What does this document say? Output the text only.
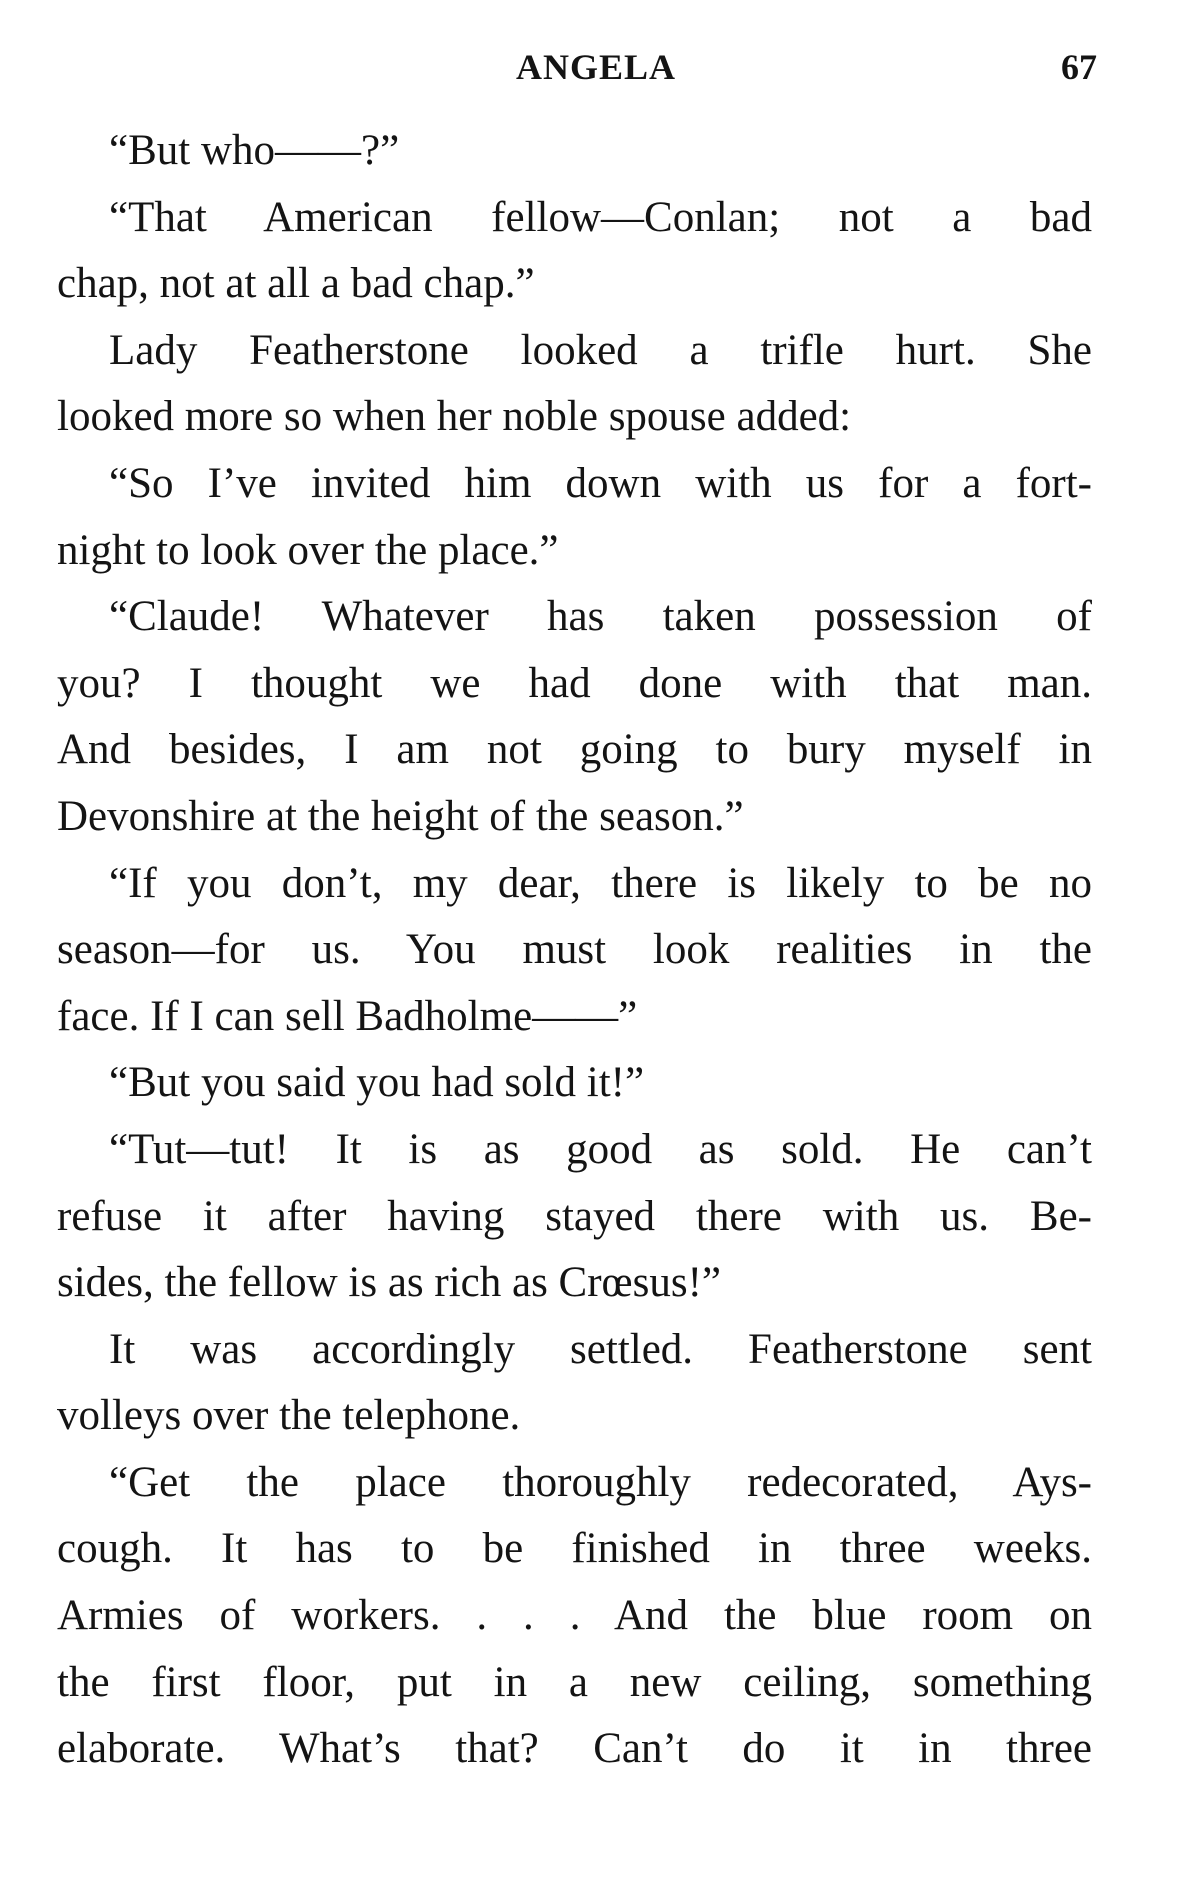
ANGELA	67
“But who——?”
“That American fellow—Conlan; not a bad
chap, not at all a bad chap.”
Lady Featherstone looked a trifle hurt. She
looked more so when her noble spouse added:
“So I’ve invited him down with us for a fort-
night to look over the place.”
“Claude! Whatever has taken possession of
you? I thought we had done with that man.
And besides, I am not going to bury myself in
Devonshire at the height of the season.”
“If you don’t, my dear, there is likely to be no
season—for us. You must look realities in the
face. If I can sell Badholme——”
“But you said you had sold it!”
“Tut—tut! It is as good as sold. He can’t
refuse it after having stayed there with us. Be-
sides, the fellow is as rich as Crœsus!”
It was accordingly settled. Featherstone sent
volleys over the telephone.
“Get the place thoroughly redecorated, Ays-
cough. It has to be finished in three weeks.
Armies of workers. . . . And the blue room on
the first floor, put in a new ceiling, something
elaborate. What’s that? Can’t do it in three
